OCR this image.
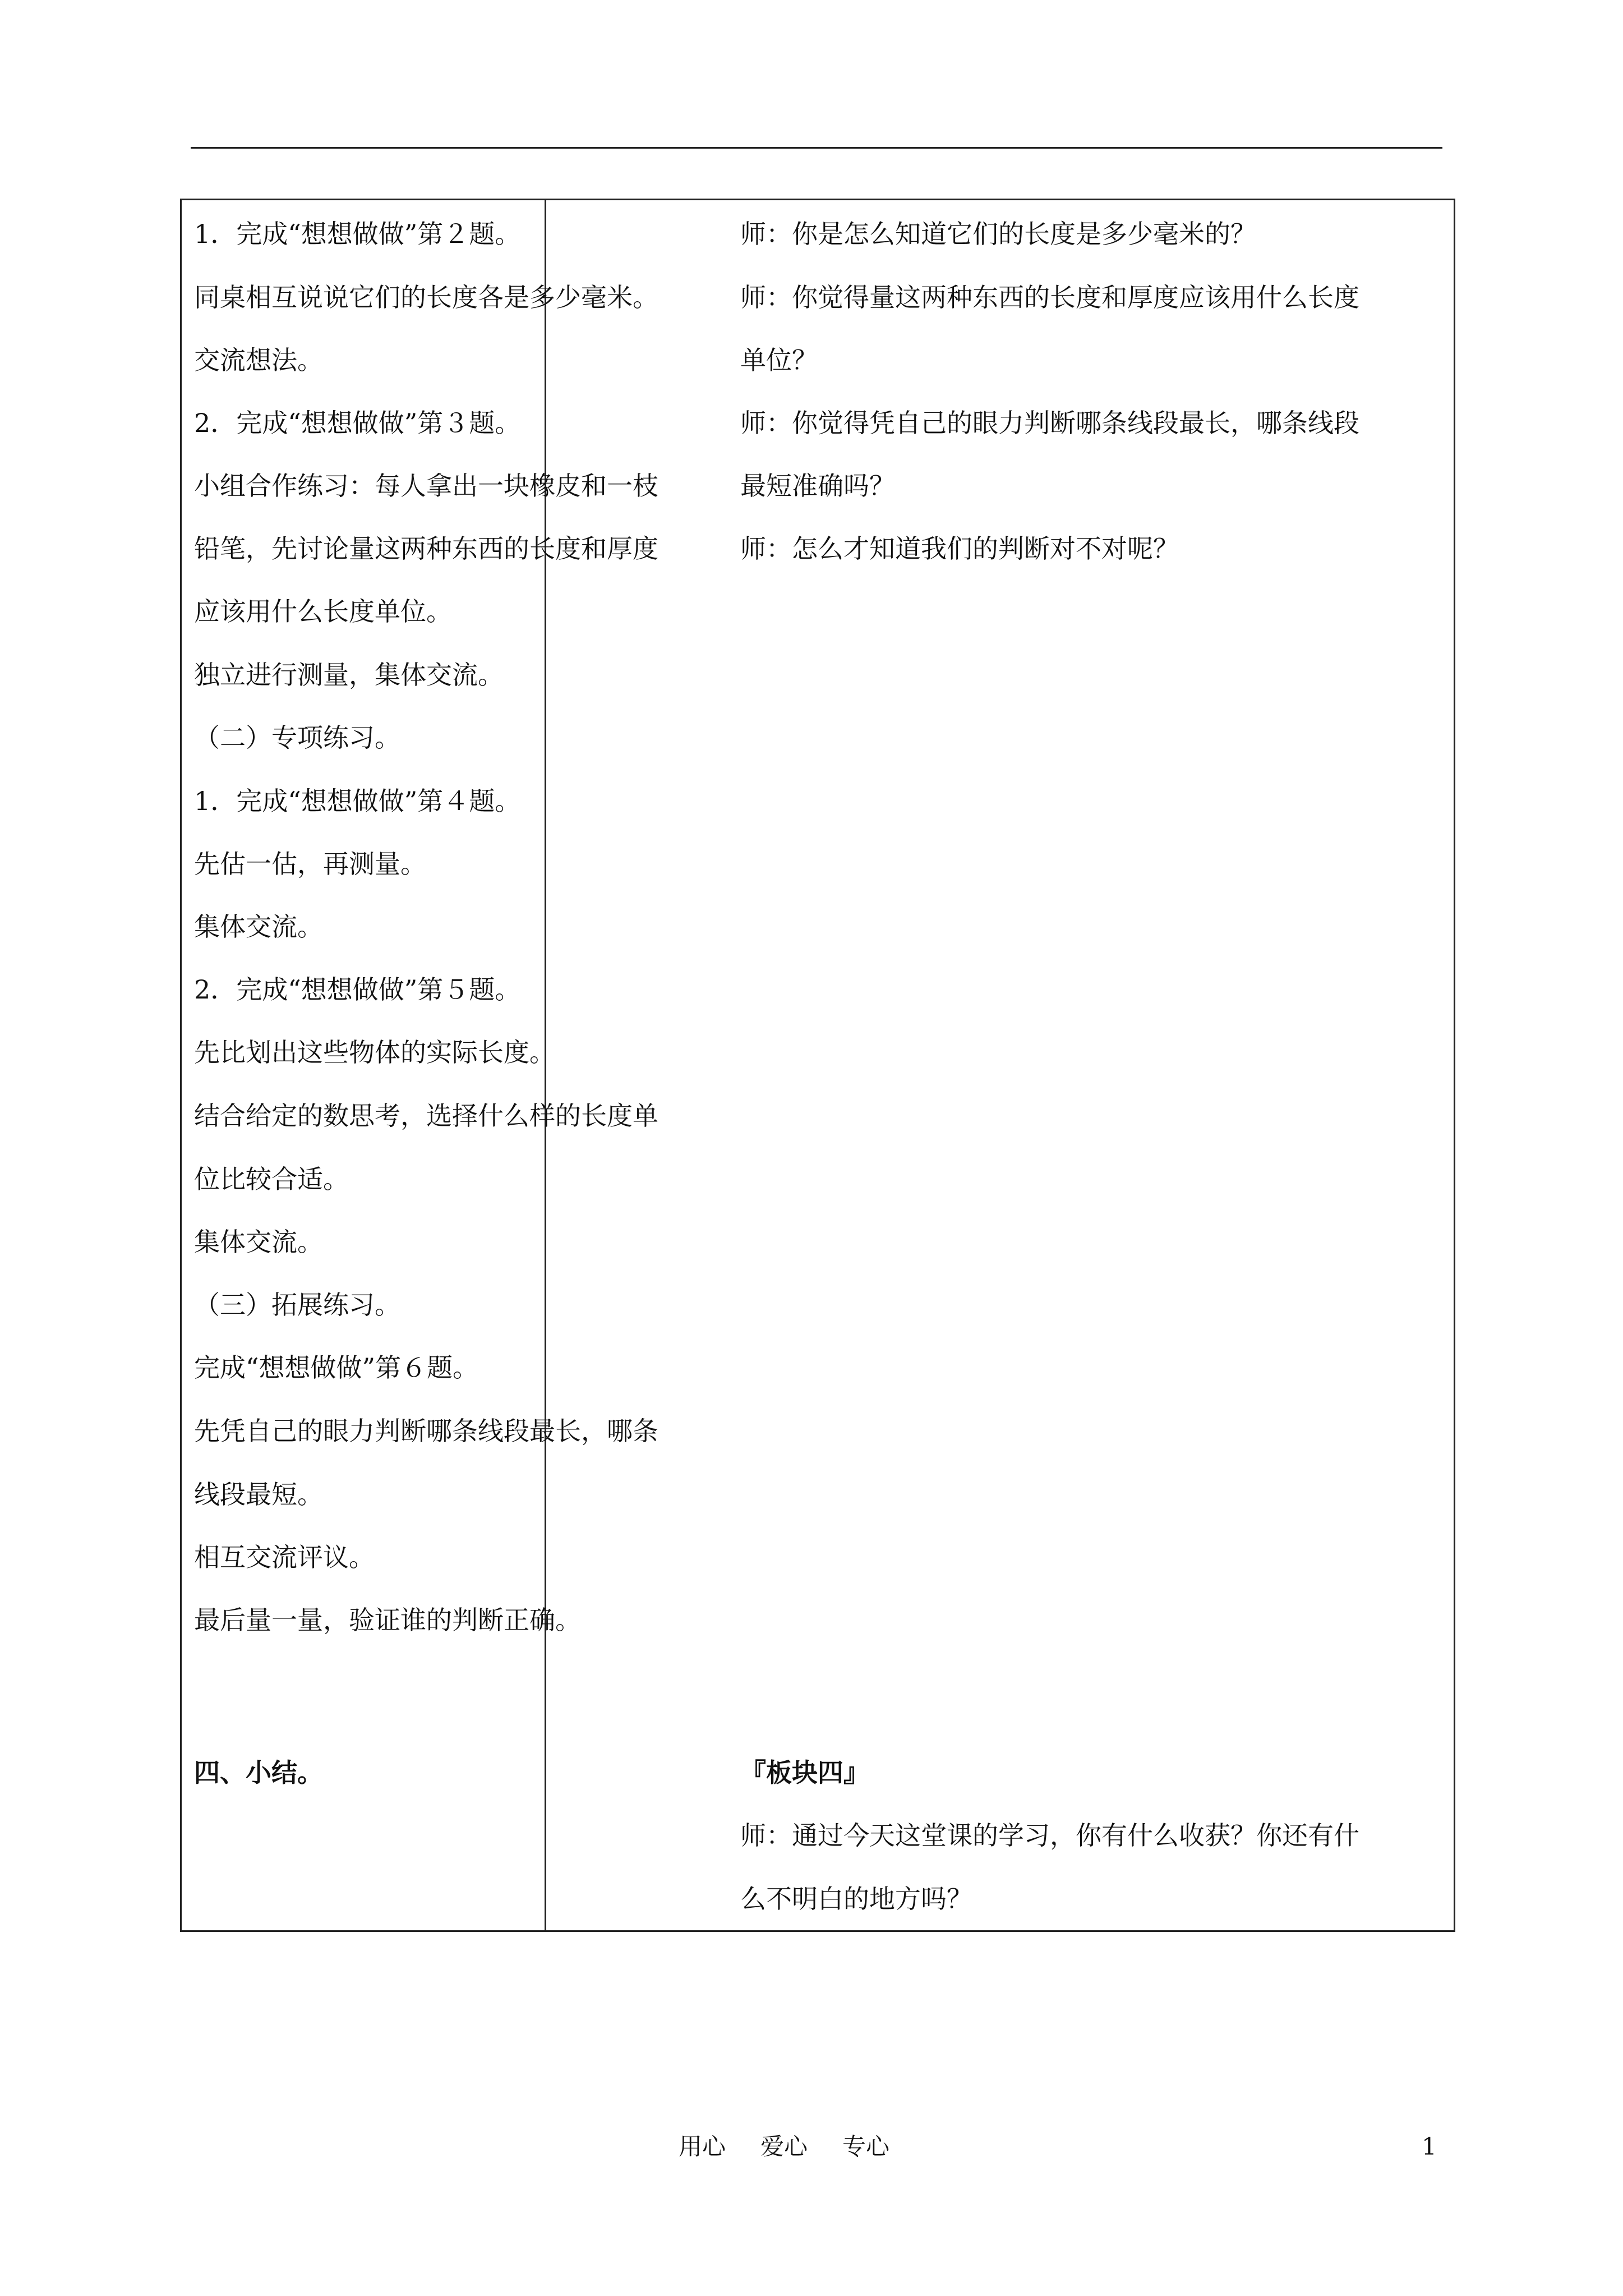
1．完成“想想做做”第２题。
同桌相互说说它们的长度各是多少毫米。
交流想法。
2．完成“想想做做”第３题。
小组合作练习：每人拿出一块橡皮和一枝
铅笔，先讨论量这两种东西的长度和厚度
应该用什么长度单位。
独立进行测量，集体交流。
（二）专项练习。
1．完成“想想做做”第４题。
先估一估，再测量。
集体交流。
2．完成“想想做做”第５题。
先比划出这些物体的实际长度。
结合给定的数思考，选择什么样的长度单
位比较合适。
集体交流。
（三）拓展练习。
完成“想想做做”第６题。
先凭自己的眼力判断哪条线段最长，哪条
线段最短。
相互交流评议。
最后量一量，验证谁的判断正确。
四、小结。
师：你是怎么知道它们的长度是多少毫米的？
师：你觉得量这两种东西的长度和厚度应该用什么长度
单位？
师：你觉得凭自己的眼力判断哪条线段最长，哪条线段
最短准确吗？
师：怎么才知道我们的判断对不对呢？
『板块四』
师：通过今天这堂课的学习，你有什么收获？你还有什
么不明白的地方吗？
用心 爱心 专心	1
